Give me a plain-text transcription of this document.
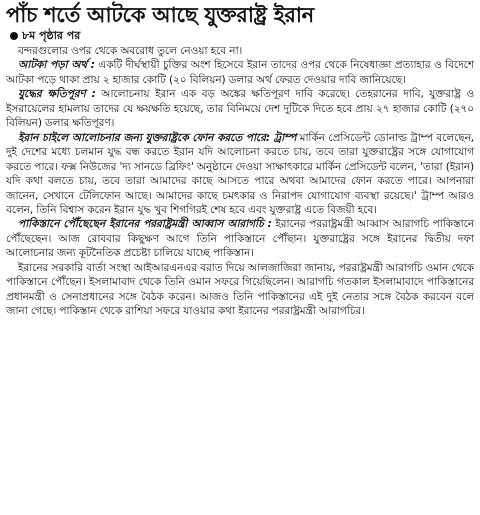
পাঁচ শর্তে আটকে আছে যুক্তরাষ্ট্র ইরান
৮ম পৃষ্ঠার পর

বন্দরগুলোর ওপর থেকে অবরোধ তুলে নেওয়া হবে না।

আটকা পড়া অর্থ : একটি দীর্ঘস্থায়ী চুক্তির অংশ হিসেবে ইরান তাদের ওপর থেকে নিষেধাজ্ঞা প্রত্যাহার ও বিদেশে আটকা পড়ে থাকা প্রায় ২ হাজার কোটি (২০ বিলিয়ন) ডলার অর্থ ফেরত দেওয়ার দাবি জানিয়েছে।

যুদ্ধের ক্ষতিপূরণ : আলোচনায় ইরান এক বড় অঙ্কের ক্ষতিপূরণ দাবি করেছে। তেহরানের দাবি, যুক্তরাষ্ট্র ও ইসরায়েলের হামলায় তাদের যে ক্ষয়ক্ষতি হয়েছে, তার বিনিময়ে দেশ দুটিকে দিতে হবে প্রায় ২৭ হাজার কোটি (২৭০ বিলিয়ন) ডলার ক্ষতিপূরণ।

ইরান চাইলে আলোচনার জন্য যুক্তরাষ্ট্রকে ফোন করতে পারে: ট্রাম্প মার্কিন প্রেসিডেন্ট ডোনাল্ড ট্রাম্প বলেছেন, দুই দেশের মধ্যে চলমান যুদ্ধ বন্ধ করতে ইরান যদি আলোচনা করতে চায়, তবে তারা যুক্তরাষ্ট্রের সঙ্গে যোগাযোগ করতে পারে। ফক্স নিউজের 'দ্য সানডে ব্রিফিং' অনুষ্ঠানে দেওয়া সাক্ষাৎকারে মার্কিন প্রেসিডেন্ট বলেন, 'তারা (ইরান) যদি কথা বলতে চায়, তবে তারা আমাদের কাছে আসতে পারে অথবা আমাদের ফোন করতে পারে। আপনারা জানেন, সেখানে টেলিফোন আছে। আমাদের কাছে চমৎকার ও নিরাপদ যোগাযোগ ব্যবস্থা রয়েছে।' ট্রাম্প আরও বলেন, তিনি বিশ্বাস করেন ইরান যুদ্ধ খুব শিগগিরই শেষ হবে এবং যুক্তরাষ্ট্র এতে বিজয়ী হবে।

পাকিস্তানে পৌঁছেছেন ইরানের পররাষ্ট্রমন্ত্রী আব্বাস আরাগচি : ইরানের পররাষ্ট্রমন্ত্রী আব্বাস আরাগচি পাকিস্তানে পৌঁছেছেন। আজ রোববার কিছুক্ষণ আগে তিনি পাকিস্তানে পৌঁছান। যুক্তরাষ্ট্রের সঙ্গে ইরানের দ্বিতীয় দফা আলোচনার জন্য কূটনৈতিক প্রচেষ্টা চালিয়ে যাচ্ছে পাকিস্তান।

ইরানের সরকারি বার্তা সংস্থা আইআরএনএর বরাত দিয়ে আলজাজিরা জানায়, পররাষ্ট্রমন্ত্রী আরাগচি ওমান থেকে পাকিস্তানে পৌঁছেন। ইসলামাবাদ থেকে তিনি ওমান সফরে গিয়েছিলেন। আরাগচি গতকাল ইসলামাবাদে পাকিস্তানের প্রধানমন্ত্রী ও সেনাপ্রধানের সঙ্গে বৈঠক করেন। আজও তিনি পাকিস্তানের এই দুই নেতার সঙ্গে বৈঠক করবেন বলে জানা গেছে। পাকিস্তান থেকে রাশিয়া সফরে যাওয়ার কথা ইরানের পররাষ্ট্রমন্ত্রী আরাগচির।
